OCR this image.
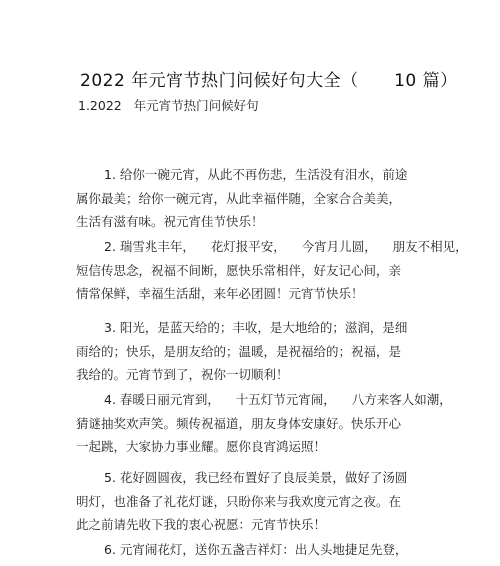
2022 年元宵节热门问候好句大全（      10 篇）
1.2022   年元宵节热门问候好句
1. 给你一碗元宵，从此不再伤悲，生活没有泪水，前途
属你最美；给你一碗元宵，从此幸福伴随，全家合合美美，
生活有滋有味。祝元宵佳节快乐！
2. 瑞雪兆丰年，    花灯报平安，    今宵月儿圆，    朋友不相见，
短信传思念，祝福不间断，愿快乐常相伴，好友记心间，亲
情常保鲜，幸福生活甜，来年必团圆！元宵节快乐！
3. 阳光，是蓝天给的；丰收，是大地给的；滋润，是细
雨给的；快乐，是朋友给的；温暖，是祝福给的；祝福，是
我给的。元宵节到了，祝你一切顺利！
4. 春暖日丽元宵到，    十五灯节元宵闹，    八方来客人如潮，
猜谜抽奖欢声笑。频传祝福道，朋友身体安康好。快乐开心
一起跳，大家协力事业耀。愿你良宵鸿运照！
5. 花好圆圆夜，我已经布置好了良辰美景，做好了汤圆
明灯，也准备了礼花灯谜，只盼你来与我欢度元宵之夜。在
此之前请先收下我的衷心祝愿：元宵节快乐！
6. 元宵闹花灯，送你五盏吉祥灯：出人头地捷足先登，
